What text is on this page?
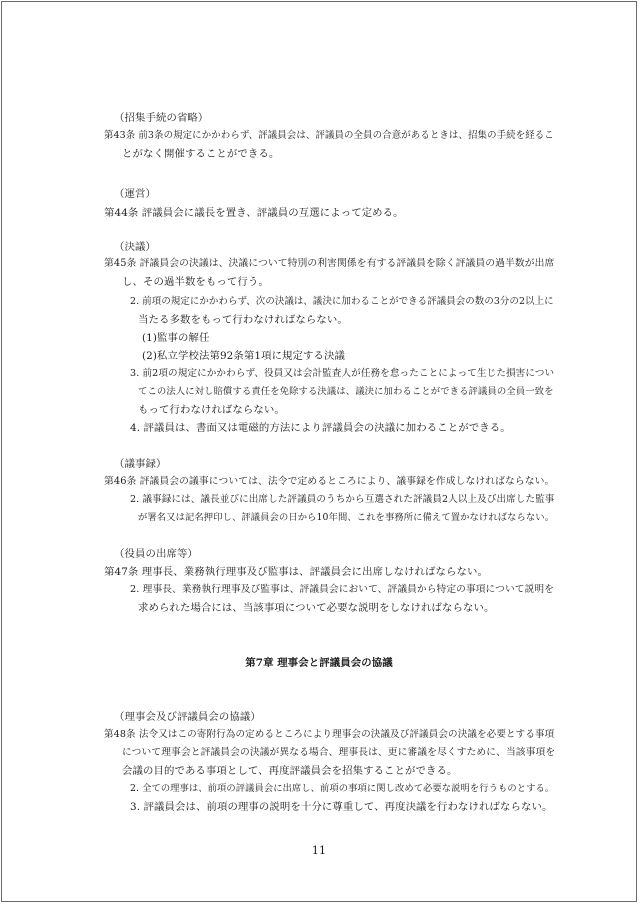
（招集手続の省略）
第43条 前3条の規定にかかわらず、評議員会は、評議員の全員の合意があるときは、招集の手続を経るこ
とがなく開催することができる。
（運営）
第44条 評議員会に議長を置き、評議員の互選によって定める。
（決議）
第45条 評議員会の決議は、決議について特別の利害関係を有する評議員を除く評議員の過半数が出席
し、その過半数をもって行う。
2. 前項の規定にかかわらず、次の決議は、議決に加わることができる評議員会の数の3分の2以上に
当たる多数をもって行わなければならない。
(1)監事の解任
(2)私立学校法第92条第1項に規定する決議
3. 前2項の規定にかかわらず、役員又は会計監査人が任務を怠ったことによって生じた損害につい
てこの法人に対し賠償する責任を免除する決議は、議決に加わることができる評議員の全員一致を
もって行わなければならない。
4. 評議員は、書面又は電磁的方法により評議員会の決議に加わることができる。
（議事録）
第46条 評議員会の議事については、法令で定めるところにより、議事録を作成しなければならない。
2. 議事録には、議長並びに出席した評議員のうちから互選された評議員2人以上及び出席した監事
が署名又は記名押印し、評議員会の日から10年間、これを事務所に備えて置かなければならない。
（役員の出席等）
第47条 理事長、業務執行理事及び監事は、評議員会に出席しなければならない。
2. 理事長、業務執行理事及び監事は、評議員会において、評議員から特定の事項について説明を
求められた場合には、当該事項について必要な説明をしなければならない。
第7章 理事会と評議員会の協議
（理事会及び評議員会の協議）
第48条 法令又はこの寄附行為の定めるところにより理事会の決議及び評議員会の決議を必要とする事項
について理事会と評議員会の決議が異なる場合、理事長は、更に審議を尽くすために、当該事項を
会議の目的である事項として、再度評議員会を招集することができる。
2. 全ての理事は、前項の評議員会に出席し、前項の事項に関し改めて必要な説明を行うものとする。
3. 評議員会は、前項の理事の説明を十分に尊重して、再度決議を行わなければならない。
11
